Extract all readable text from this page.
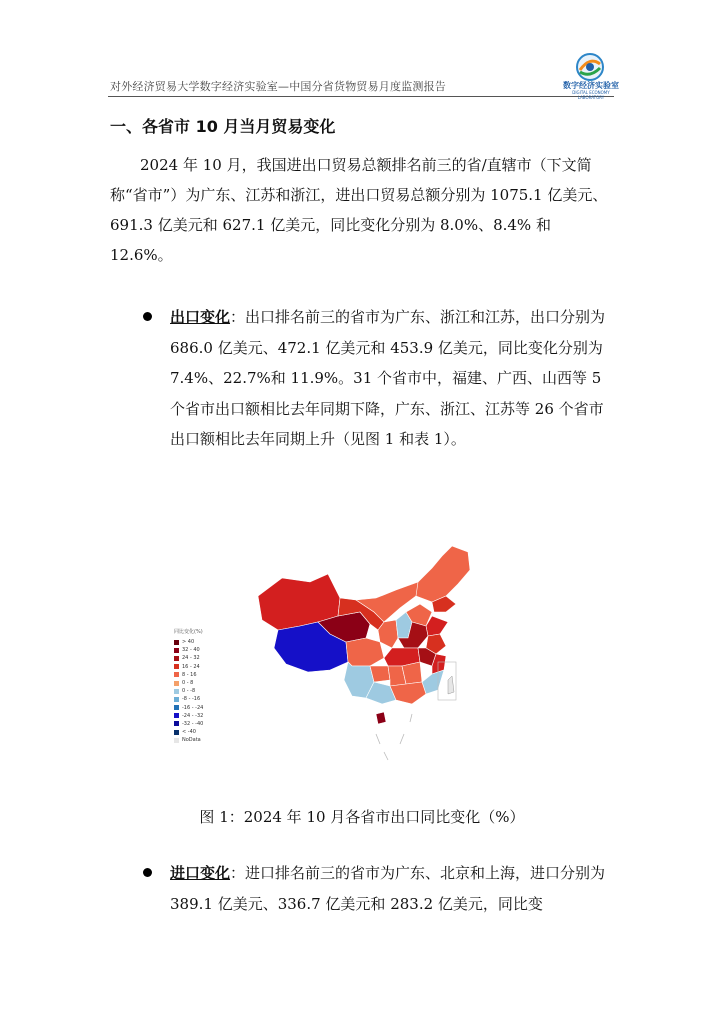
对外经济贸易大学数字经济实验室—中国分省货物贸易月度监测报告	数字经济实验室
DIGITAL ECONOMY LABORATORY
一、各省市 10 月当月贸易变化
2024 年 10 月，我国进出口贸易总额排名前三的省/直辖市（下文简称“省市”）为广东、江苏和浙江，进出口贸易总额分别为 1075.1 亿美元、691.3 亿美元和 627.1 亿美元，同比变化分别为 8.0%、8.4% 和 12.6%。
出口变化：出口排名前三的省市为广东、浙江和江苏，出口分别为 686.0 亿美元、472.1 亿美元和 453.9 亿美元，同比变化分别为 7.4%、22.7%和 11.9%。31 个省市中，福建、广西、山西等 5 个省市出口额相比去年同期下降，广东、浙江、江苏等 26 个省市出口额相比去年同期上升（见图 1 和表 1）。
同比变化(%)
> 40
32 - 40
24 - 32
16 - 24
8 - 16
0 - 8
0 - -8
-8 - -16
-16 - -24
-24 - -32
-32 - -40
< -40
NoData
图 1：2024 年 10 月各省市出口同比变化（%）
进口变化：进口排名前三的省市为广东、北京和上海，进口分别为 389.1 亿美元、336.7 亿美元和 283.2 亿美元，同比变
